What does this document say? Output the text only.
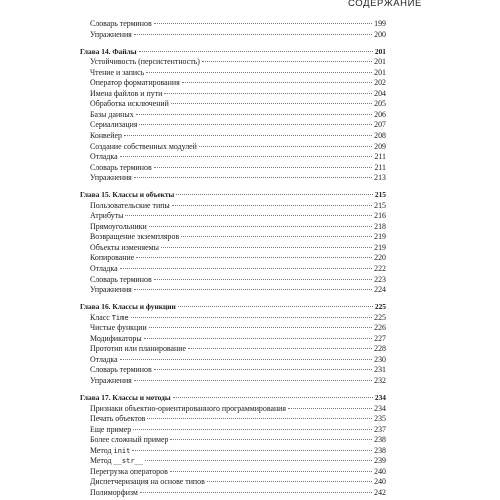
СОДЕРЖАНИЕ
Словарь терминов	199
Упражнения	200
Глава 14. Файлы	201
Устойчивость (персистентность)	201
Чтение и запись	201
Оператор форматирования	202
Имена файлов и пути	204
Обработка исключений	205
Базы данных	206
Сериализация	207
Конвейер	208
Создание собственных модулей	209
Отладка	211
Словарь терминов	211
Упражнения	213
Глава 15. Классы и объекты	215
Пользовательские типы	215
Атрибуты	216
Прямоугольники	218
Возвращение экземпляров	219
Объекты изменяемы	219
Копирование	220
Отладка	222
Словарь терминов	223
Упражнения	224
Глава 16. Классы и функции	225
Класс Time	225
Чистые функции	226
Модификаторы	227
Прототип или планирование	228
Отладка	230
Словарь терминов	231
Упражнения	232
Глава 17. Классы и методы	234
Признаки объектно-ориентированного программирования	234
Печать объектов	235
Еще пример	237
Более сложный пример	238
Метод init	238
Метод __str__	239
Перегрузка операторов	240
Диспетчеризация на основе типов	240
Полиморфизм	242
